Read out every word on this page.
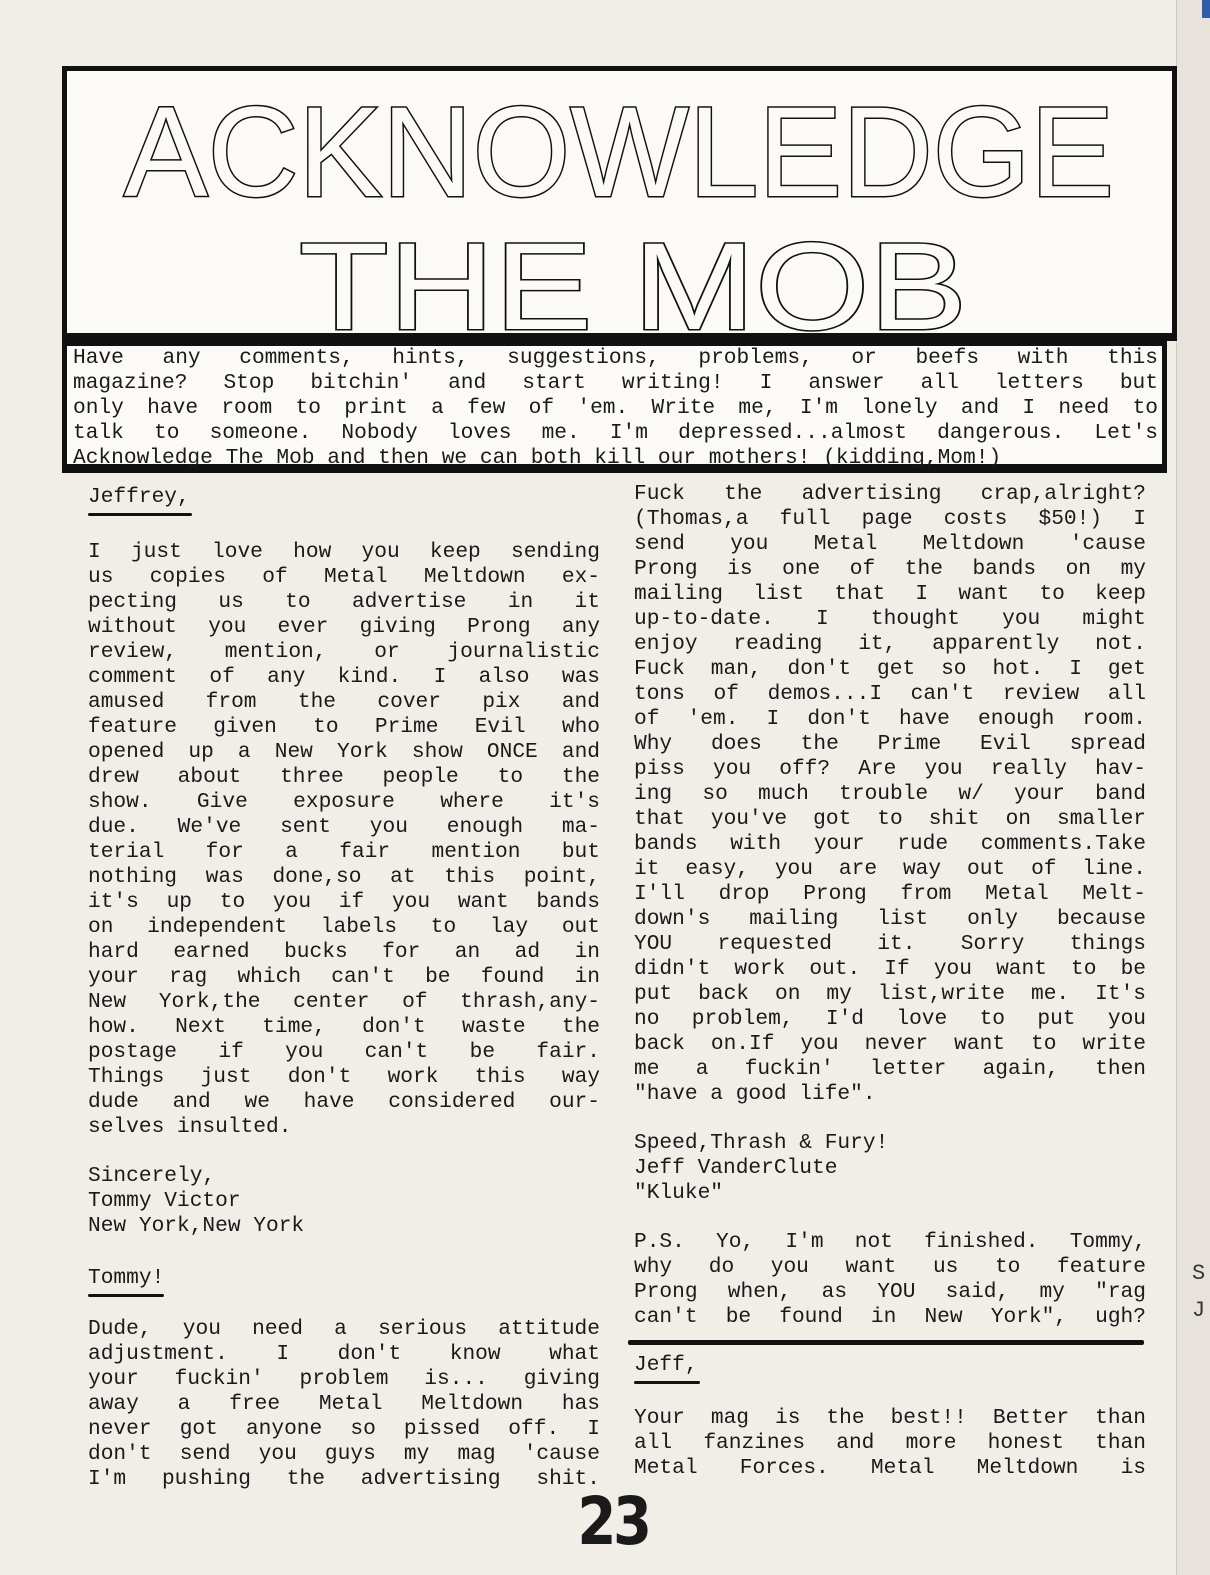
S
J
ACKNOWLEDGE
THE MOB

Have any comments, hints, suggestions, problems, or beefs with this

magazine? Stop bitchin' and start writing! I answer all letters but

only have room to print a few of 'em. Write me, I'm lonely and I need to

talk to someone. Nobody loves me. I'm depressed...almost dangerous. Let's

Acknowledge The Mob and then we can both kill our mothers! (kidding,Mom!)

Jeffrey,
I just love how you keep sending
us copies of Metal Meltdown ex-
pecting us to advertise in it
without you ever giving Prong any
review, mention, or journalistic
comment of any kind. I also was
amused from the cover pix and
feature given to Prime Evil who
opened up a New York show ONCE and
drew about three people to the
show. Give exposure where it's
due. We've sent you enough ma-
terial for a fair mention but
nothing was done,so at this point,
it's up to you if you want bands
on independent labels to lay out
hard earned bucks for an ad in
your rag which can't be found in
New York,the center of thrash,any-
how. Next time, don't waste the
postage if you can't be fair.
Things just don't work this way
dude and we have considered our-
selves insulted.
Sincerely,
Tommy Victor
New York,New York
Tommy!
Dude, you need a serious attitude
adjustment. I don't know what
your fuckin' problem is... giving
away a free Metal Meltdown has
never got anyone so pissed off. I
don't send you guys my mag 'cause
I'm pushing the advertising shit.
Fuck the advertising crap,alright?
(Thomas,a full page costs $50!) I
send you Metal Meltdown 'cause
Prong is one of the bands on my
mailing list that I want to keep
up-to-date. I thought you might
enjoy reading it, apparently not.
Fuck man, don't get so hot. I get
tons of demos...I can't review all
of 'em. I don't have enough room.
Why does the Prime Evil spread
piss you off? Are you really hav-
ing so much trouble w/ your band
that you've got to shit on smaller
bands with your rude comments.Take
it easy, you are way out of line.
I'll drop Prong from Metal Melt-
down's mailing list only because
YOU requested it. Sorry things
didn't work out. If you want to be
put back on my list,write me. It's
no problem, I'd love to put you
back on.If you never want to write
me a fuckin' letter again, then
"have a good life".
Speed,Thrash & Fury!
Jeff VanderClute
"Kluke"
P.S. Yo, I'm not finished. Tommy,
why do you want us to feature
Prong when, as YOU said, my "rag
can't be found in New York", ugh?
Jeff,
Your mag is the best!! Better than
all fanzines and more honest than
Metal Forces. Metal Meltdown is
23
